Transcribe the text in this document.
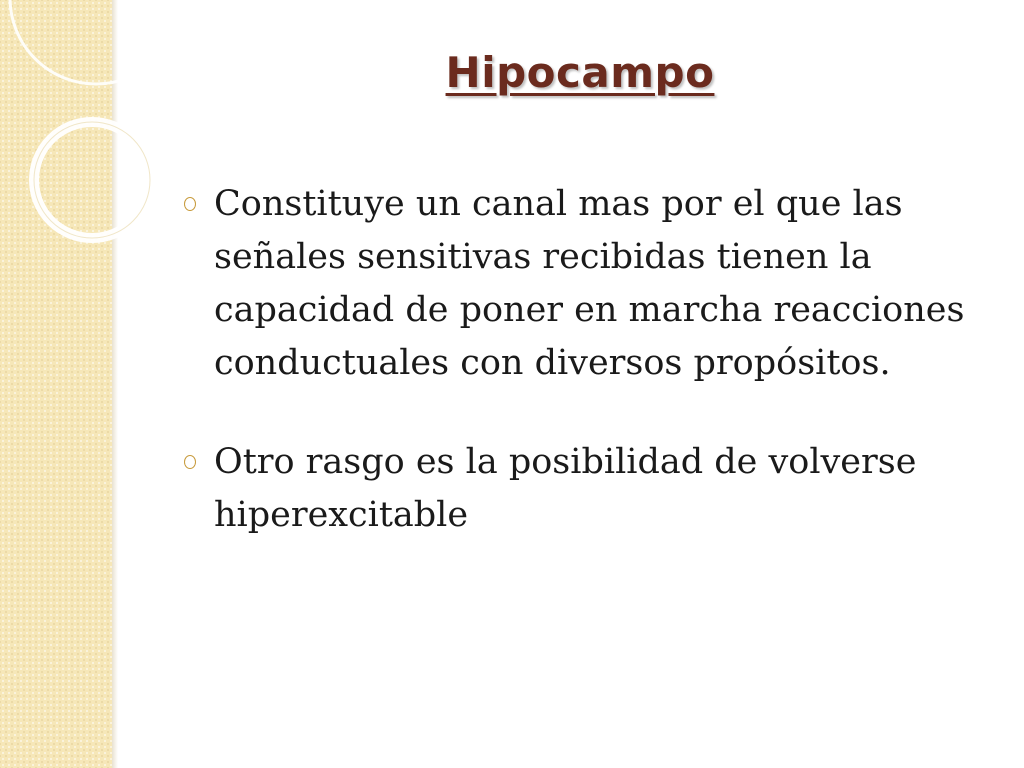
Hipocampo
Constituye un canal mas por el que las señales sensitivas recibidas tienen la capacidad de poner en marcha reacciones conductuales con diversos propósitos.
Otro rasgo es la posibilidad de volverse hiperexcitable
